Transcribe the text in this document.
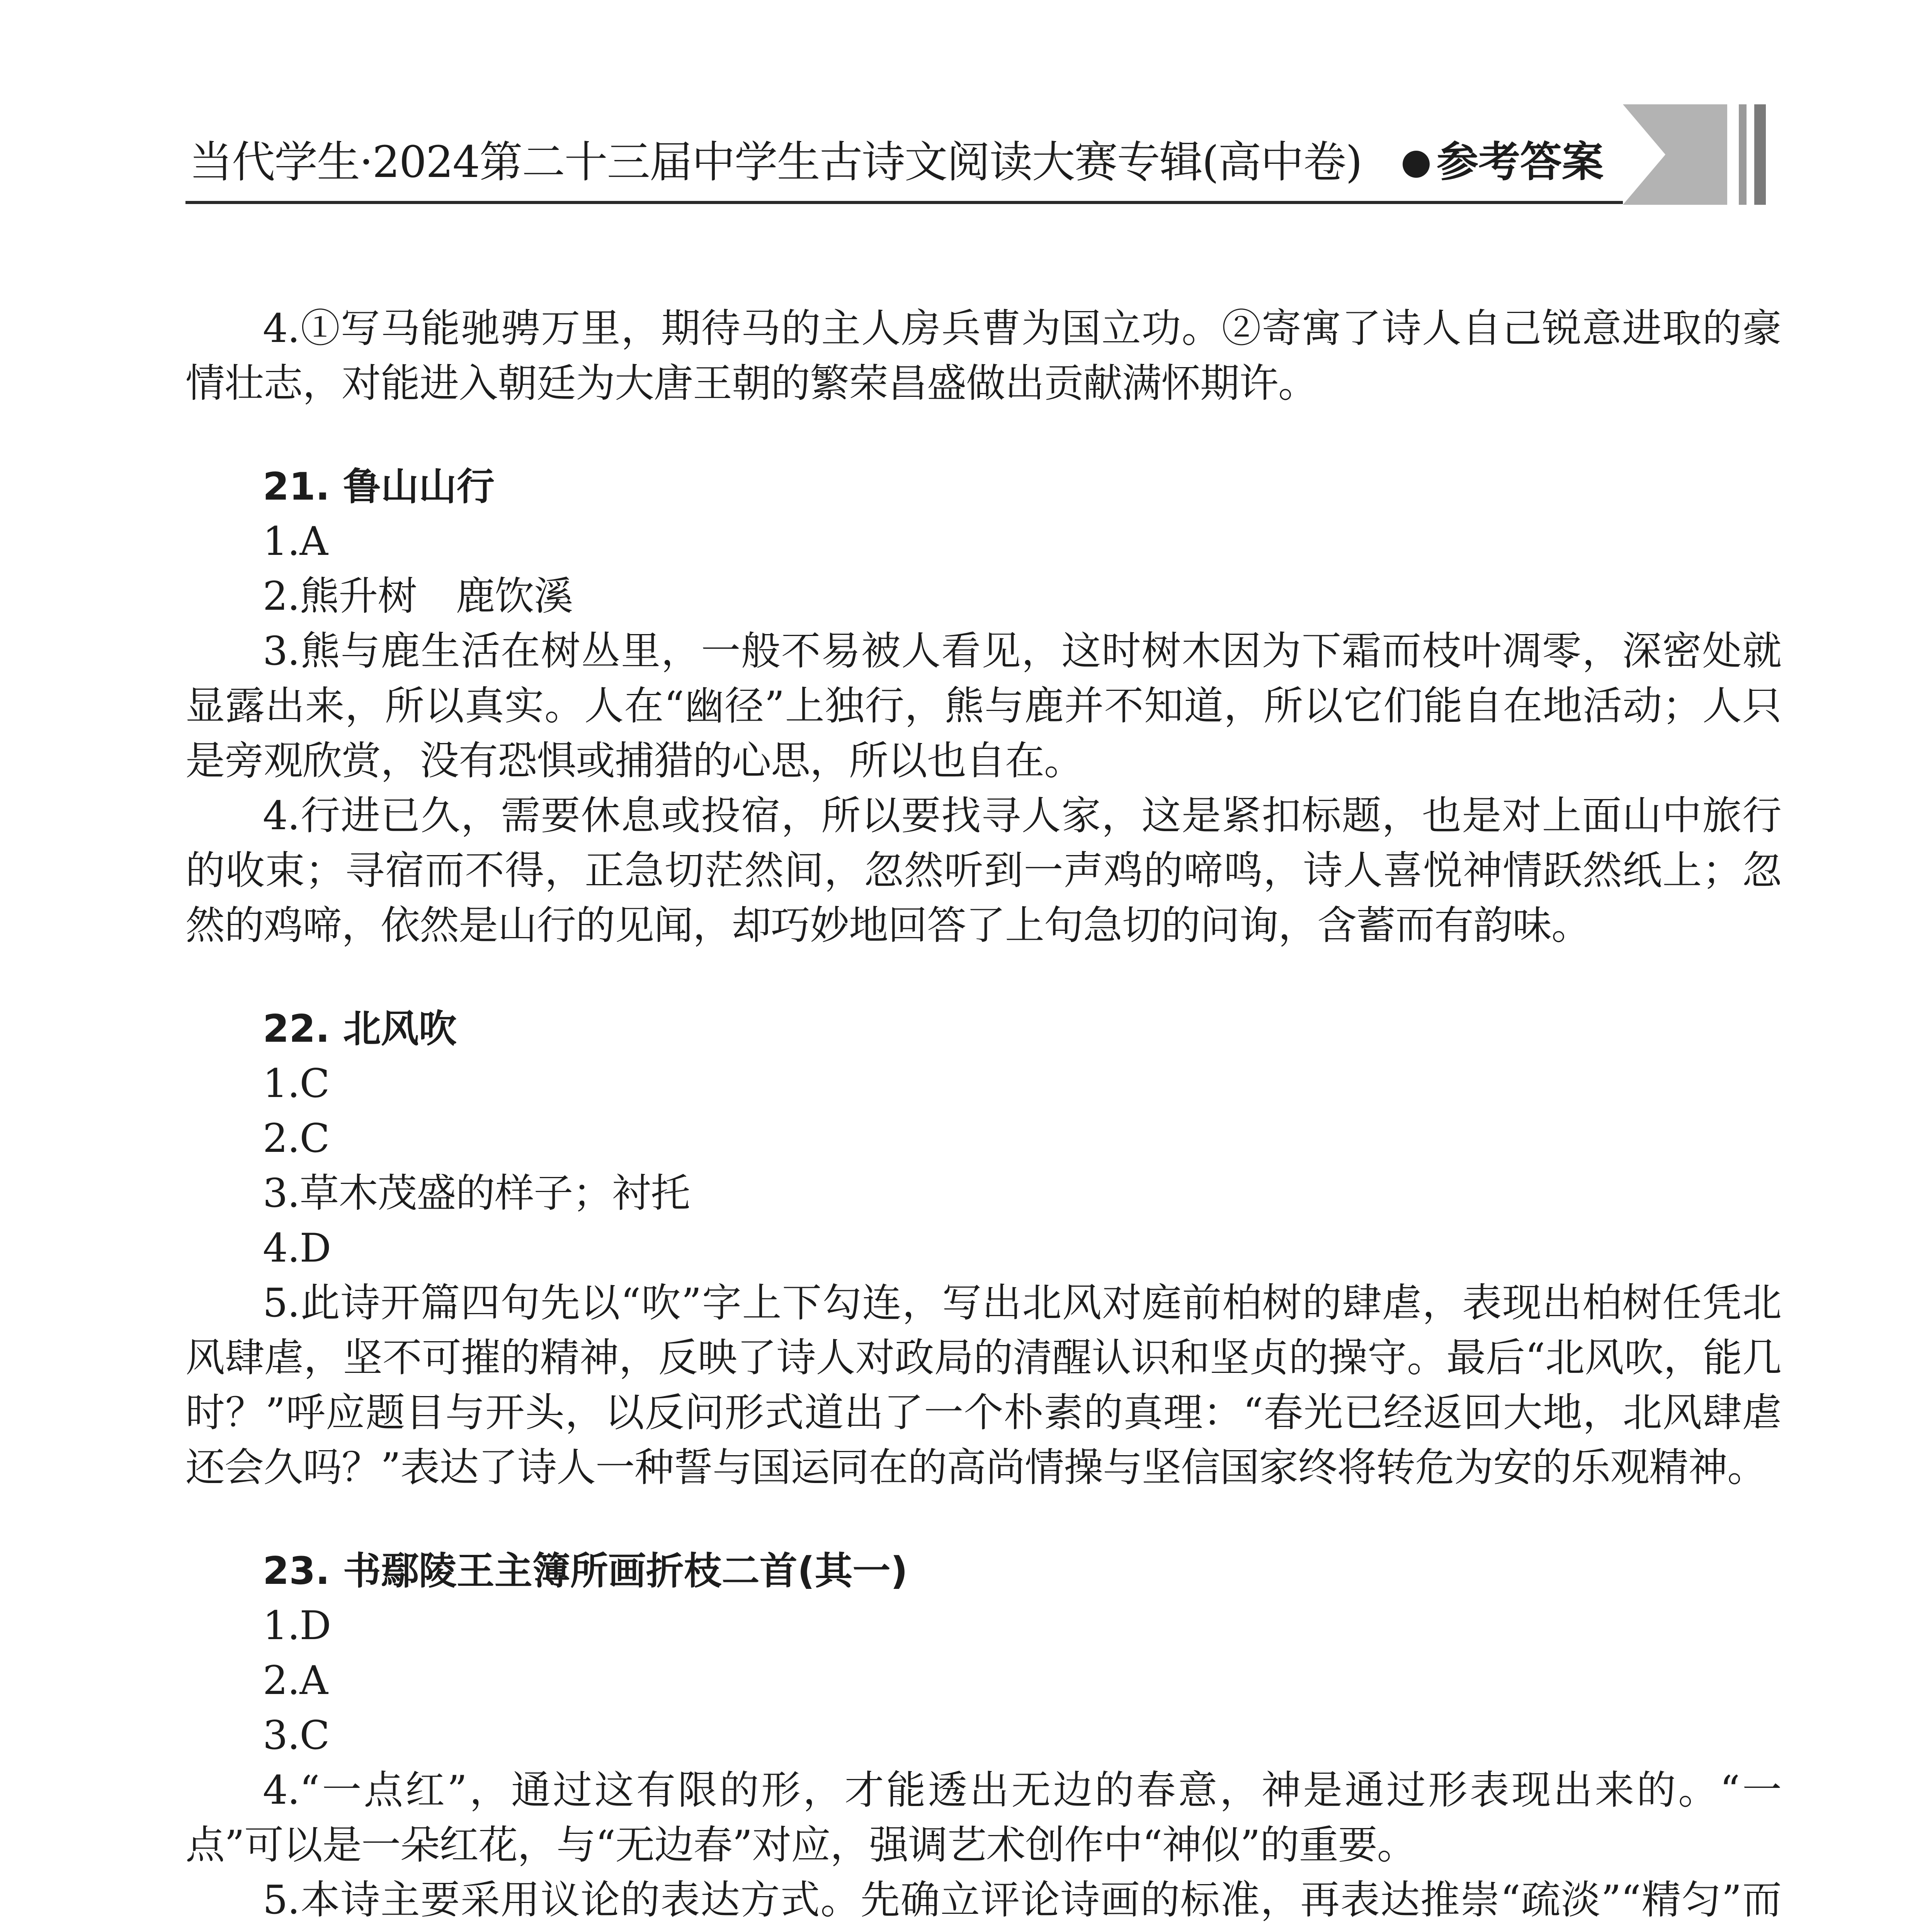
当代学生·2024第二十三届中学生古诗文阅读大赛专辑(高中卷)	参考答案

4.①写马能驰骋万里，期待马的主人房兵曹为国立功。②寄寓了诗人自己锐意进取的豪情壮志，对能进入朝廷为大唐王朝的繁荣昌盛做出贡献满怀期许。

21. 鲁山山行

1.A

2.熊升树　鹿饮溪

3.熊与鹿生活在树丛里，一般不易被人看见，这时树木因为下霜而枝叶凋零，深密处就显露出来，所以真实。人在“幽径”上独行，熊与鹿并不知道，所以它们能自在地活动；人只是旁观欣赏，没有恐惧或捕猎的心思，所以也自在。

4.行进已久，需要休息或投宿，所以要找寻人家，这是紧扣标题，也是对上面山中旅行的收束；寻宿而不得，正急切茫然间，忽然听到一声鸡的啼鸣，诗人喜悦神情跃然纸上；忽然的鸡啼，依然是山行的见闻，却巧妙地回答了上句急切的问询，含蓄而有韵味。

22. 北风吹

1.C

2.C

3.草木茂盛的样子；衬托

4.D

5.此诗开篇四句先以“吹”字上下勾连，写出北风对庭前柏树的肆虐，表现出柏树任凭北风肆虐，坚不可摧的精神，反映了诗人对政局的清醒认识和坚贞的操守。最后“北风吹，能几时？”呼应题目与开头，以反问形式道出了一个朴素的真理：“春光已经返回大地，北风肆虐还会久吗？”表达了诗人一种誓与国运同在的高尚情操与坚信国家终将转危为安的乐观精神。

23. 书鄢陵王主簿所画折枝二首(其一)

1.D

2.A

3.C

4.“一点红”，通过这有限的形，才能透出无边的春意，神是通过形表现出来的。“一点”可以是一朵红花，与“无边春”对应，强调艺术创作中“神似”的重要。

5.本诗主要采用议论的表达方式。先确立评论诗画的标准，再表达推崇“疏淡”“精匀”而
